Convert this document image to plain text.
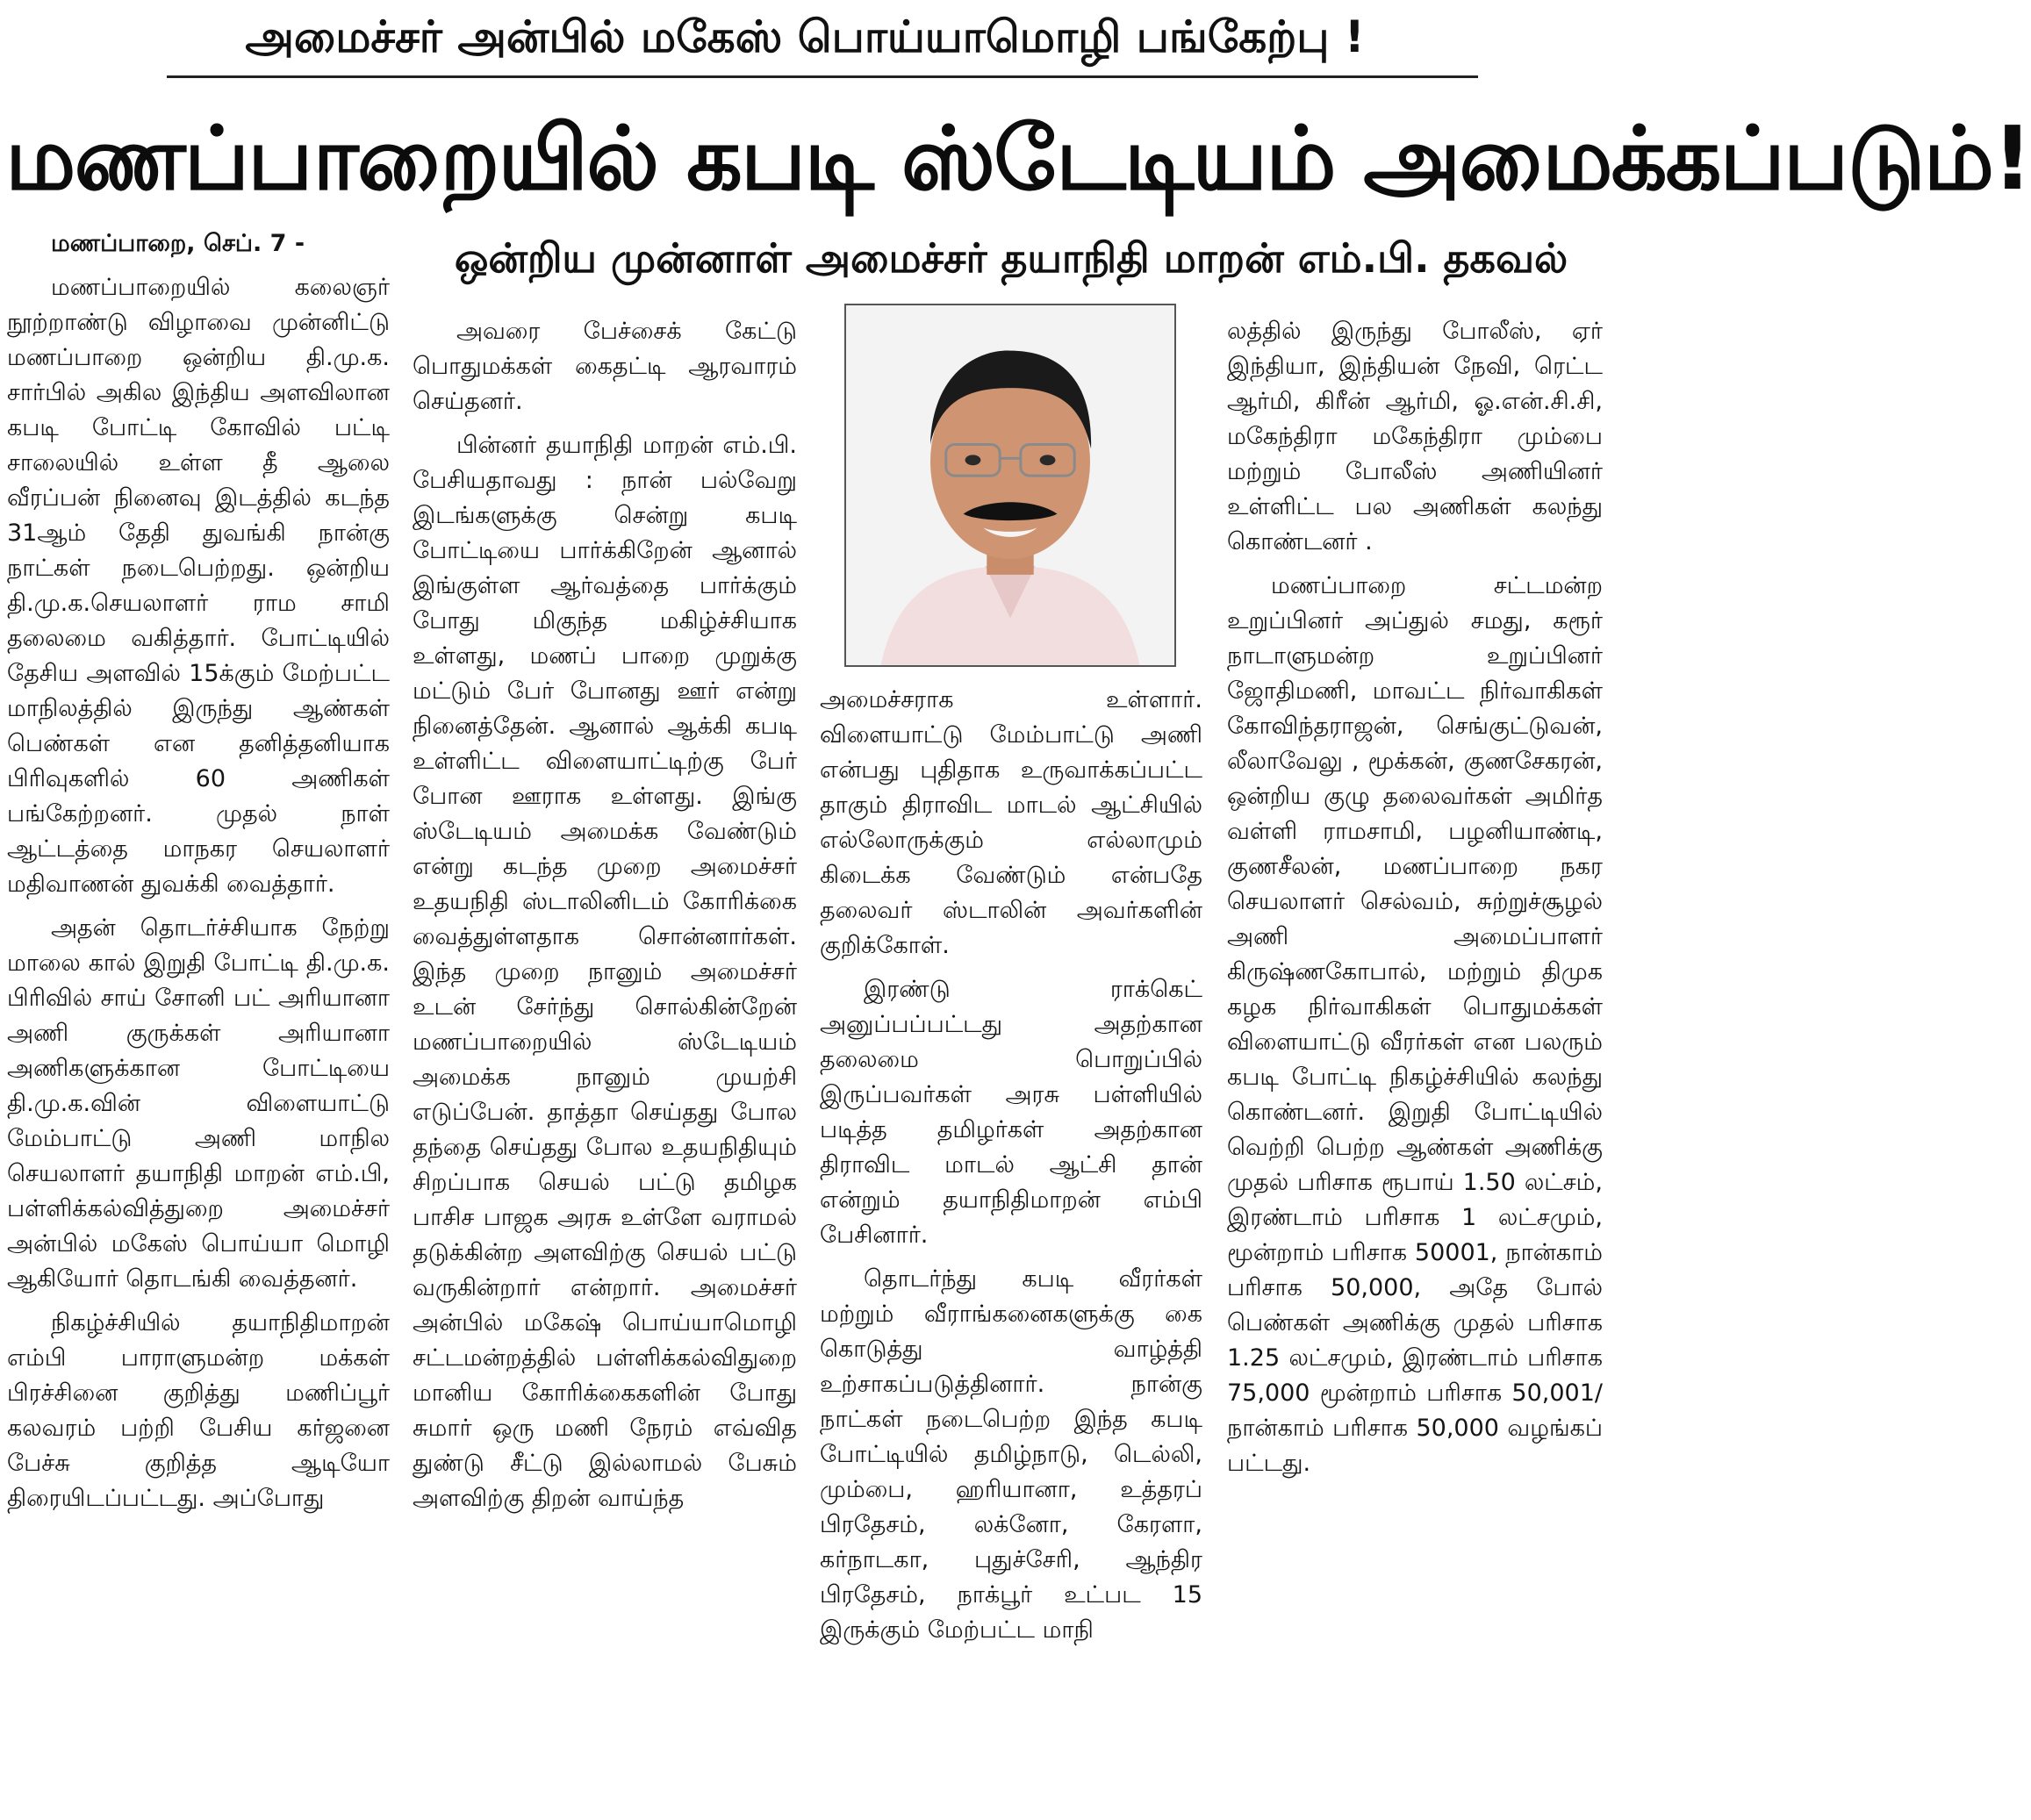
அமைச்சர் அன்பில் மகேஸ் பொய்யாமொழி பங்கேற்பு !
மணப்பாறையில் கபடி ஸ்டேடியம் அமைக்கப்படும்!
ஒன்றிய முன்னாள் அமைச்சர் தயாநிதி மாறன் எம்.பி. தகவல்

மணப்பாறை, செப். 7 -

மணப்பாறையில் கலைஞர் நூற்றாண்டு விழாவை முன்னிட்டு மணப்பாறை ஒன்றிய தி.மு.க. சார்பில் அகில இந்திய அளவிலான கபடி போட்டி கோவில் பட்டி சாலையில் உள்ள தீ ஆலை வீரப்பன் நினைவு இடத்தில் கடந்த 31ஆம் தேதி துவங்கி நான்கு நாட்கள் நடைபெற்றது. ஒன்றிய தி.மு.க.செயலாளர் ராம சாமி தலைமை வகித்தார். போட்டியில் தேசிய அளவில் 15க்கும் மேற்பட்ட மாநிலத்தில் இருந்து ஆண்கள் பெண்கள் என தனித்தனியாக பிரிவுகளில் 60 அணிகள் பங்கேற்றனர். முதல் நாள் ஆட்டத்தை மாநகர செயலாளர் மதிவாணன் துவக்கி வைத்தார்.

அதன் தொடர்ச்சியாக நேற்று மாலை கால் இறுதி போட்டி தி.மு.க. பிரிவில் சாய் சோனி பட் அரியானா அணி குருக்கள் அரியானா அணிகளுக்கான போட்டியை தி.மு.க.வின் விளையாட்டு மேம்பாட்டு அணி மாநில செயலாளர் தயாநிதி மாறன் எம்.பி, பள்ளிக்கல்வித்துறை அமைச்சர் அன்பில் மகேஸ் பொய்யா மொழி ஆகியோர் தொடங்கி வைத்தனர்.

நிகழ்ச்சியில் தயாநிதிமாறன் எம்பி பாராளுமன்ற மக்கள் பிரச்சினை குறித்து மணிப்பூர் கலவரம் பற்றி பேசிய கர்ஜனை பேச்சு குறித்த ஆடியோ திரையிடப்பட்டது. அப்போது

அவரை பேச்சைக் கேட்டு பொதுமக்கள் கைதட்டி ஆரவாரம் செய்தனர்.

பின்னர் தயாநிதி மாறன் எம்.பி. பேசியதாவது : நான் பல்வேறு இடங்களுக்கு சென்று கபடி போட்டியை பார்க்கிறேன் ஆனால் இங்குள்ள ஆர்வத்தை பார்க்கும் போது மிகுந்த மகிழ்ச்சியாக உள்ளது, மணப் பாறை முறுக்கு மட்டும் பேர் போனது ஊர் என்று நினைத்தேன். ஆனால் ஆக்கி கபடி உள்ளிட்ட விளையாட்டிற்கு பேர் போன ஊராக உள்ளது. இங்கு ஸ்டேடியம் அமைக்க வேண்டும் என்று கடந்த முறை அமைச்சர் உதயநிதி ஸ்டாலினிடம் கோரிக்கை வைத்துள்ளதாக சொன்னார்கள். இந்த முறை நானும் அமைச்சர் உடன் சேர்ந்து சொல்கின்றேன் மணப்பாறையில் ஸ்டேடியம் அமைக்க நானும் முயற்சி எடுப்பேன். தாத்தா செய்தது போல தந்தை செய்தது போல உதயநிதியும் சிறப்பாக செயல் பட்டு தமிழக பாசிச பாஜக அரசு உள்ளே வராமல் தடுக்கின்ற அளவிற்கு செயல் பட்டு வருகின்றார் என்றார். அமைச்சர் அன்பில் மகேஷ் பொய்யாமொழி சட்டமன்றத்தில் பள்ளிக்கல்விதுறை மானிய கோரிக்கைகளின் போது சுமார் ஒரு மணி நேரம் எவ்வித துண்டு சீட்டு இல்லாமல் பேசும் அளவிற்கு திறன் வாய்ந்த

அமைச்சராக உள்ளார். விளையாட்டு மேம்பாட்டு அணி என்பது புதிதாக உருவாக்கப்பட்ட தாகும் திராவிட மாடல் ஆட்சியில் எல்லோருக்கும் எல்லாமும் கிடைக்க வேண்டும் என்பதே தலைவர் ஸ்டாலின் அவர்களின் குறிக்கோள்.

இரண்டு ராக்கெட் அனுப்பப்பட்டது அதற்கான தலைமை பொறுப்பில் இருப்பவர்கள் அரசு பள்ளியில் படித்த தமிழர்கள் அதற்கான திராவிட மாடல் ஆட்சி தான் என்றும் தயாநிதிமாறன் எம்பி பேசினார்.

தொடர்ந்து கபடி வீரர்கள் மற்றும் வீராங்கனைகளுக்கு கை கொடுத்து வாழ்த்தி உற்சாகப்படுத்தினார். நான்கு நாட்கள் நடைபெற்ற இந்த கபடி போட்டியில் தமிழ்நாடு, டெல்லி, மும்பை, ஹரியானா, உத்தரப் பிரதேசம், லக்னோ, கேரளா, கர்நாடகா, புதுச்சேரி, ஆந்திர பிரதேசம், நாக்பூர் உட்பட 15 இருக்கும் மேற்பட்ட மாநி

லத்தில் இருந்து போலீஸ், ஏர் இந்தியா, இந்தியன் நேவி, ரெட்ட ஆர்மி, கிரீன் ஆர்மி, ஓ.என்.சி.சி, மகேந்திரா மகேந்திரா மும்பை மற்றும் போலீஸ் அணியினர் உள்ளிட்ட பல அணிகள் கலந்து கொண்டனர் .

மணப்பாறை சட்டமன்ற உறுப்பினர் அப்துல் சமது, கரூர் நாடாளுமன்ற உறுப்பினர் ஜோதிமணி, மாவட்ட நிர்வாகிகள் கோவிந்தராஜன், செங்குட்டுவன், லீலாவேலு , மூக்கன், குணசேகரன், ஒன்றிய குழு தலைவர்கள் அமிர்த வள்ளி ராமசாமி, பழனியாண்டி, குணசீலன், மணப்பாறை நகர செயலாளர் செல்வம், சுற்றுச்சூழல் அணி அமைப்பாளர் கிருஷ்ணகோபால், மற்றும் திமுக கழக நிர்வாகிகள் பொதுமக்கள் விளையாட்டு வீரர்கள் என பலரும் கபடி போட்டி நிகழ்ச்சியில் கலந்து கொண்டனர். இறுதி போட்டியில் வெற்றி பெற்ற ஆண்கள் அணிக்கு முதல் பரிசாக ரூபாய் 1.50 லட்சம், இரண்டாம் பரிசாக 1 லட்சமும், மூன்றாம் பரிசாக 50001, நான்காம் பரிசாக 50,000, அதே போல் பெண்கள் அணிக்கு முதல் பரிசாக 1.25 லட்சமும், இரண்டாம் பரிசாக 75,000 மூன்றாம் பரிசாக 50,001/ நான்காம் பரிசாக 50,000 வழங்கப் பட்டது.
